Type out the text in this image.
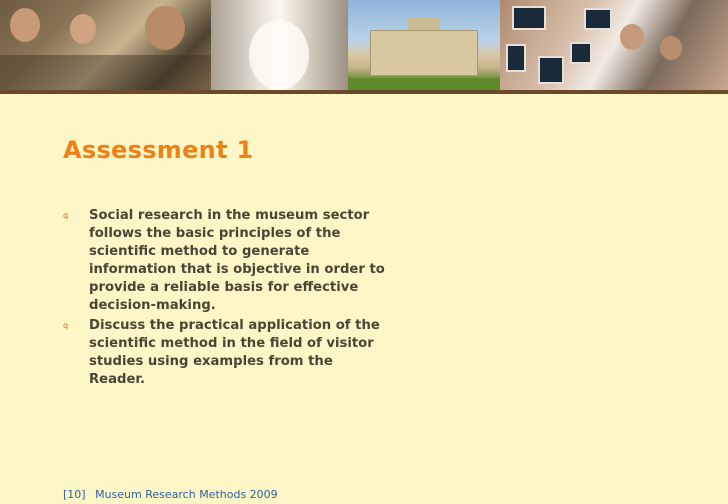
Assessment 1
q	Social research in the museum sector follows the basic principles of the scientific method to generate information that is objective in order to provide a reliable basis for effective decision-making.
q	Discuss the practical application of the scientific method in the field of visitor studies using examples from the Reader.
[10] Museum Research Methods 2009
